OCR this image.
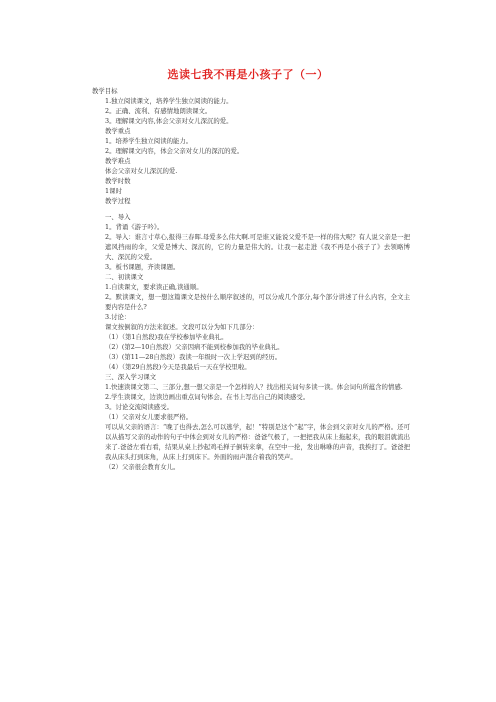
选读七我不再是小孩子了（一）
教学目标
1.独立阅读课文，培养学生独立阅读的能力。
2。正确、流利、有感情地朗读课文。
3。理解课文内容,体会父亲对女儿深沉的爱。
教学重点
1。培养学生独立阅读的能力。
2。理解课文内容，体会父亲对女儿的深沉的爱。
教学难点
体会父亲对女儿深沉的爱.
教学时数
1课时
教学过程
一、导入
1。背诵《游子吟》。
2。导入：谁言寸草心,报得三春晖.母爱多么伟大啊.可是谁又能说父爱不是一样的伟大呢？有人说父亲是一把遮风挡雨的伞，父爱是博大、深沉的，它的力量是伟大的。让我一起走进《我不再是小孩子了》去领略博大、深沉的父爱。
3。板书课题，齐读课题。
二、初读课文
1.自读课文，要求读正确,读通顺。
2。默读课文，想一想这篇课文是按什么顺序叙述的，可以分成几个部分,每个部分讲述了什么内容，全文主要内容是什么?
3.讨论：
课文按倒叙的方法来叙述。文段可以分为如下几部分：
（1）（第1自然段)我在学校参加毕业典礼。
（2）(第2—10自然段）父亲因病不能到校参加我的毕业典礼。
（3）(第11—28自然段）我读一年级时一次上学迟到的经历。
（4）（第29自然段)今天是我最后一天在学校里啦。
三、深入学习课文
1.快速读课文第二、三部分,想一想父亲是一个怎样的人？找出相关词句多读一读。体会词句所蕴含的情感.
2.学生读课文，边读边画出重点词句体会。在书上写出自己的阅读感受。
3。讨论交流阅读感受。
（1）父亲对女儿要求很严格。
可以从父亲的语言：“晚了也得去,怎么可以逃学，起！”特别是这个“起”字，体会到父亲对女儿的严格。还可以从描写父亲的动作的句子中体会到对女儿的严格：爸爸气极了，一把把我从床上拖起来，我的眼泪就流出来了.爸爸左看右看，结果从桌上抄起鸡毛掸子倒转来拿，在空中一抡，发出咻咻的声音，我挨打了。爸爸把我从床头打到床角，从床上打到床下。外面的雨声混合着我的哭声。
（2）父亲很会教育女儿。
